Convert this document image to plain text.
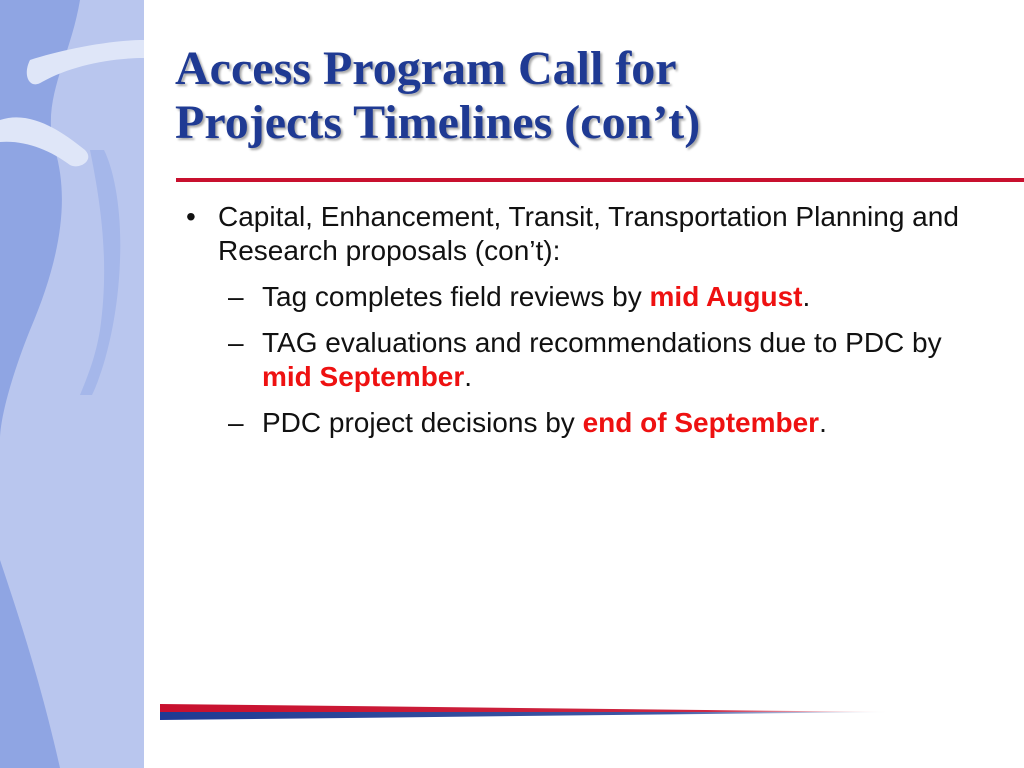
Access Program Call for
Projects Timelines (con’t)
• Capital, Enhancement, Transit, Transportation Planning and Research proposals (con’t):
– Tag completes field reviews by mid August.
– TAG evaluations and recommendations due to PDC by mid September.
– PDC project decisions by end of September.
